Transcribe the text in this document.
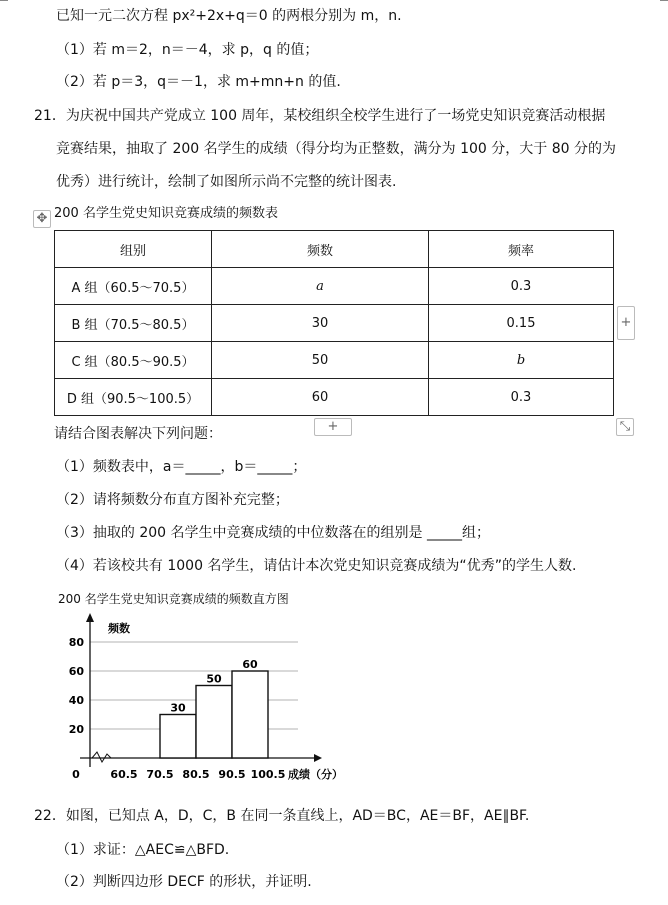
已知一元二次方程 px²+2x+q＝0 的两根分别为 m，n.
（1）若 m＝2，n＝－4，求 p，q 的值；
（2）若 p＝3，q＝－1，求 m+mn+n 的值.
21．为庆祝中国共产党成立 100 周年，某校组织全校学生进行了一场党史知识竞赛活动根据
竞赛结果，抽取了 200 名学生的成绩（得分均为正整数，满分为 100 分，大于 80 分的为
优秀）进行统计，绘制了如图所示尚不完整的统计图表.
✥ 200 名学生党史知识竞赛成绩的频数表
组别	频数	频率
A 组（60.5～70.5）	a	0.3
B 组（70.5～80.5）	30	0.15
C 组（80.5～90.5）	50	b
D 组（90.5～100.5）	60	0.3
+
+	⤡
请结合图表解决下列问题：
（1）频数表中，a＝_____，b＝_____；
（2）请将频数分布直方图补充完整；
（3）抽取的 200 名学生中竞赛成绩的中位数落在的组别是 _____组；
（4）若该校共有 1000 名学生，请估计本次党史知识竞赛成绩为“优秀”的学生人数.
200 名学生党史知识竞赛成绩的频数直方图
20
40
60
80
0
频数
30
50
60
60.5 70.5 80.5 90.5 100.5 成绩（分）
22．如图，已知点 A，D，C，B 在同一条直线上，AD＝BC，AE＝BF，AE∥BF.
（1）求证：△AEC≌△BFD.
（2）判断四边形 DECF 的形状，并证明.
